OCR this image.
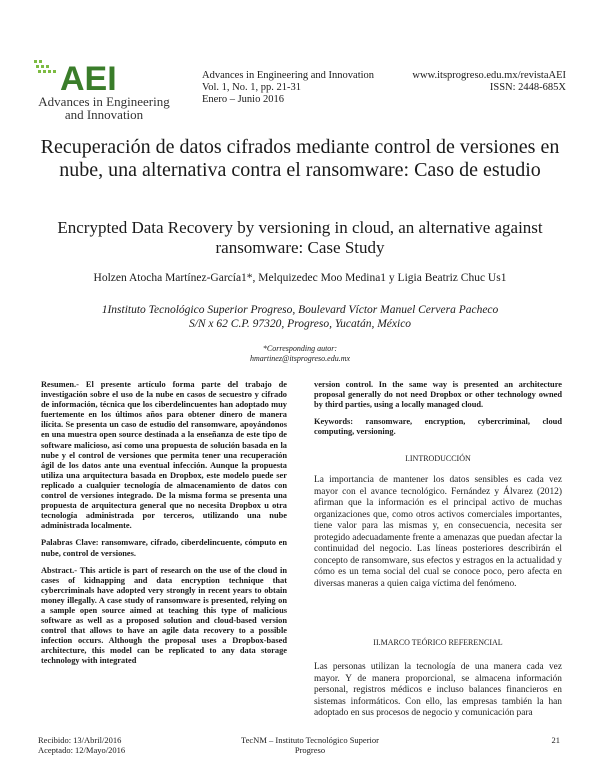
AEI
Advances in Engineering and Innovation
Advances in Engineering and Innovation
Vol. 1, No. 1, pp. 21-31
Enero – Junio 2016
www.itsprogreso.edu.mx/revistaAEI
ISSN: 2448-685X
Recuperación de datos cifrados mediante control de versiones en nube, una alternativa contra el ransomware: Caso de estudio
Encrypted Data Recovery by versioning in cloud, an alternative against ransomware: Case Study
Holzen Atocha Martínez-García1*, Melquizedec Moo Medina1 y Ligia Beatriz Chuc Us1
1Instituto Tecnológico Superior Progreso, Boulevard Víctor Manuel Cervera Pacheco
S/N x 62 C.P. 97320, Progreso, Yucatán, México
*Corresponding autor:
hmartinez@itsprogreso.edu.mx
Resumen.- El presente artículo forma parte del trabajo de investigación sobre el uso de la nube en casos de secuestro y cifrado de información, técnica que los ciberdelincuentes han adoptado muy fuertemente en los últimos años para obtener dinero de manera ilícita. Se presenta un caso de estudio del ransomware, apoyándonos en una muestra open source destinada a la enseñanza de este tipo de software malicioso, así como una propuesta de solución basada en la nube y el control de versiones que permita tener una recuperación ágil de los datos ante una eventual infección. Aunque la propuesta utiliza una arquitectura basada en Dropbox, este modelo puede ser replicado a cualquier tecnología de almacenamiento de datos con control de versiones integrado. De la misma forma se presenta una propuesta de arquitectura general que no necesita Dropbox u otra tecnología administrada por terceros, utilizando una nube administrada localmente.
Palabras Clave: ransomware, cifrado, ciberdelincuente, cómputo en nube, control de versiones.
Abstract.- This article is part of research on the use of the cloud in cases of kidnapping and data encryption technique that cybercriminals have adopted very strongly in recent years to obtain money illegally. A case study of ransomware is presented, relying on a sample open source aimed at teaching this type of malicious software as well as a proposed solution and cloud-based version control that allows to have an agile data recovery to a possible infection occurs. Although the proposal uses a Dropbox-based architecture, this model can be replicated to any data storage technology with integrated
version control. In the same way is presented an architecture proposal generally do not need Dropbox or other technology owned by third parties, using a locally managed cloud.
Keywords: ransomware, encryption, cybercriminal, cloud computing, versioning.
I.INTRODUCCIÓN
La importancia de mantener los datos sensibles es cada vez mayor con el avance tecnológico. Fernández y Álvarez (2012) afirman que la información es el principal activo de muchas organizaciones que, como otros activos comerciales importantes, tiene valor para las mismas y, en consecuencia, necesita ser protegido adecuadamente frente a amenazas que puedan afectar la continuidad del negocio. Las líneas posteriores describirán el concepto de ransomware, sus efectos y estragos en la actualidad y cómo es un tema social del cual se conoce poco, pero afecta en diversas maneras a quien caiga víctima del fenómeno.
II.MARCO TEÓRICO REFERENCIAL
Las personas utilizan la tecnología de una manera cada vez mayor. Y de manera proporcional, se almacena información personal, registros médicos e incluso balances financieros en sistemas informáticos. Con ello, las empresas también la han adoptado en sus procesos de negocio y comunicación para
Recibido: 13/Abril/2016
Aceptado: 12/Mayo/2016
TecNM – Instituto Tecnológico Superior Progreso
21
